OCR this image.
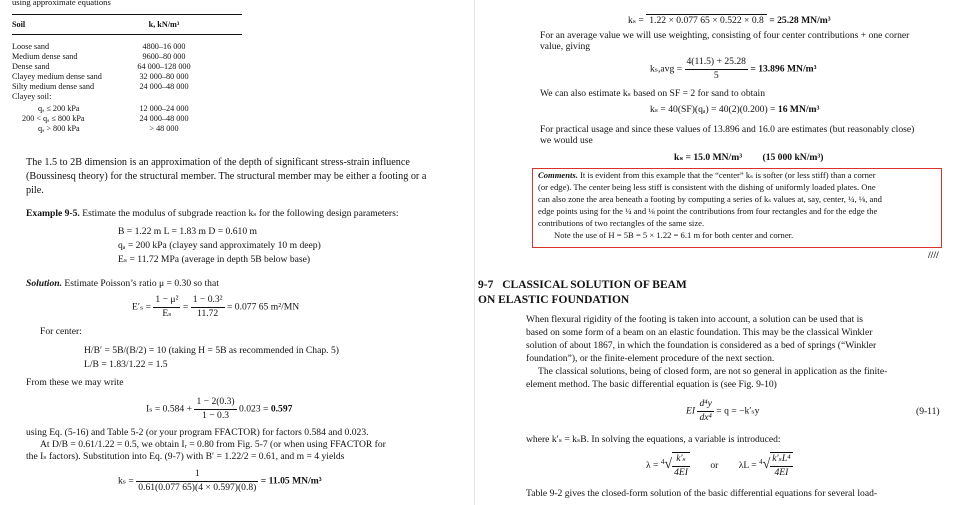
using approximate equations
Soil	k, kN/m³
Loose sand	4800–16 000
Medium dense sand	9600–80 000
Dense sand	64 000–128 000
Clayey medium dense sand	32 000–80 000
Silty medium dense sand	24 000–48 000
Clayey soil:
qₐ ≤ 200 kPa	12 000–24 000
200 < qₐ ≤ 800 kPa	24 000–48 000
qₐ > 800 kPa	> 48 000
The 1.5 to 2B dimension is an approximation of the depth of significant stress-strain influence (Boussinesq theory) for the structural member. The structural member may be either a footing or a pile.
Example 9-5. Estimate the modulus of subgrade reaction kₛ for the following design parameters:
B = 1.22 m L = 1.83 m D = 0.610 m
qₐ = 200 kPa (clayey sand approximately 10 m deep)
Eₛ = 11.72 MPa (average in depth 5B below base)
Solution. Estimate Poisson’s ratio μ = 0.30 so that
$E'_s = \frac{\text{1 − μ²}}{\text{Eₛ}} = \frac{\text{1 − 0.3²}}{11.72} = 0.077$ 65 m²/MN
For center:
H/B′ = 5B/(B/2) = 10 (taking H = 5B as recommended in Chap. 5)
L/B = 1.83/1.22 = 1.5
From these we may write
$I_s = 0.584 + \frac{1 - 2(0.3)}{1 - 0.3} 0.023 = 0.597$
using Eq. (5-16) and Table 5-2 (or your program FFACTOR) for factors 0.584 and 0.023.
At D/B = 0.61/1.22 = 0.5, we obtain Iᵣ = 0.80 from Fig. 5-7 (or when using FFACTOR for
the Iₛ factors). Substitution into Eq. (9-7) with B′ = 1.22/2 = 0.61, and m = 4 yields
$k_s = \frac{1}{0.61(0.077 65)(4 \times 0.597)(0.8)} = 11.05$ MN/m³
kₛ = 1.22 × 0.077 65 × 0.522 × 0.8 = 25.28 MN/m³
For an average value we will use weighting, consisting of four center contributions + one corner
value, giving
$k_s,avg = \frac{4(11.5) + 25.28}{5} = 13.896$ MN/m³
We can also estimate kₛ based on SF = 2 for sand to obtain
kₛ = 40(SF)(qₐ) = 40(2)(0.200) = 16 MN/m³
For practical usage and since these values of 13.896 and 16.0 are estimates (but reasonably close)
we would use
kₛ = 15.0 MN/m³ (15 000 kN/m³)
Comments. It is evident from this example that the “center” kₛ is softer (or less stiff) than a corner
(or edge). The center being less stiff is consistent with the dishing of uniformly loaded plates. One
can also zone the area beneath a footing by computing a series of kₛ values at, say, center, ¼, ⅛, and
edge points using for the ¼ and ⅛ point the contributions from four rectangles and for the edge the
contributions of two rectangles of the same size.
Note the use of H = 5B = 5 × 1.22 = 6.1 m for both center and corner.
////
9-7 CLASSICAL SOLUTION OF BEAM
ON ELASTIC FOUNDATION
When flexural rigidity of the footing is taken into account, a solution can be used that is
based on some form of a beam on an elastic foundation. This may be the classical Winkler
solution of about 1867, in which the foundation is considered as a bed of springs (“Winkler
foundation”), or the finite-element procedure of the next section.
The classical solutions, being of closed form, are not so general in application as the finite-
element method. The basic differential equation is (see Fig. 9-10)
EI $\frac{\text{d⁴y}}{\text{dx⁴}} = q = -k'_sy$	(9-11)
where k′ₛ = kₛB. In solving the equations, a variable is introduced:
$\lambda = ^4√ \frac{\text{k′ₛ}}{4EI}$ or $\lambda L = ^4√ \frac{\text{k′ₛL⁴}}{4EI}$
Table 9-2 gives the closed-form solution of the basic differential equations for several load-
